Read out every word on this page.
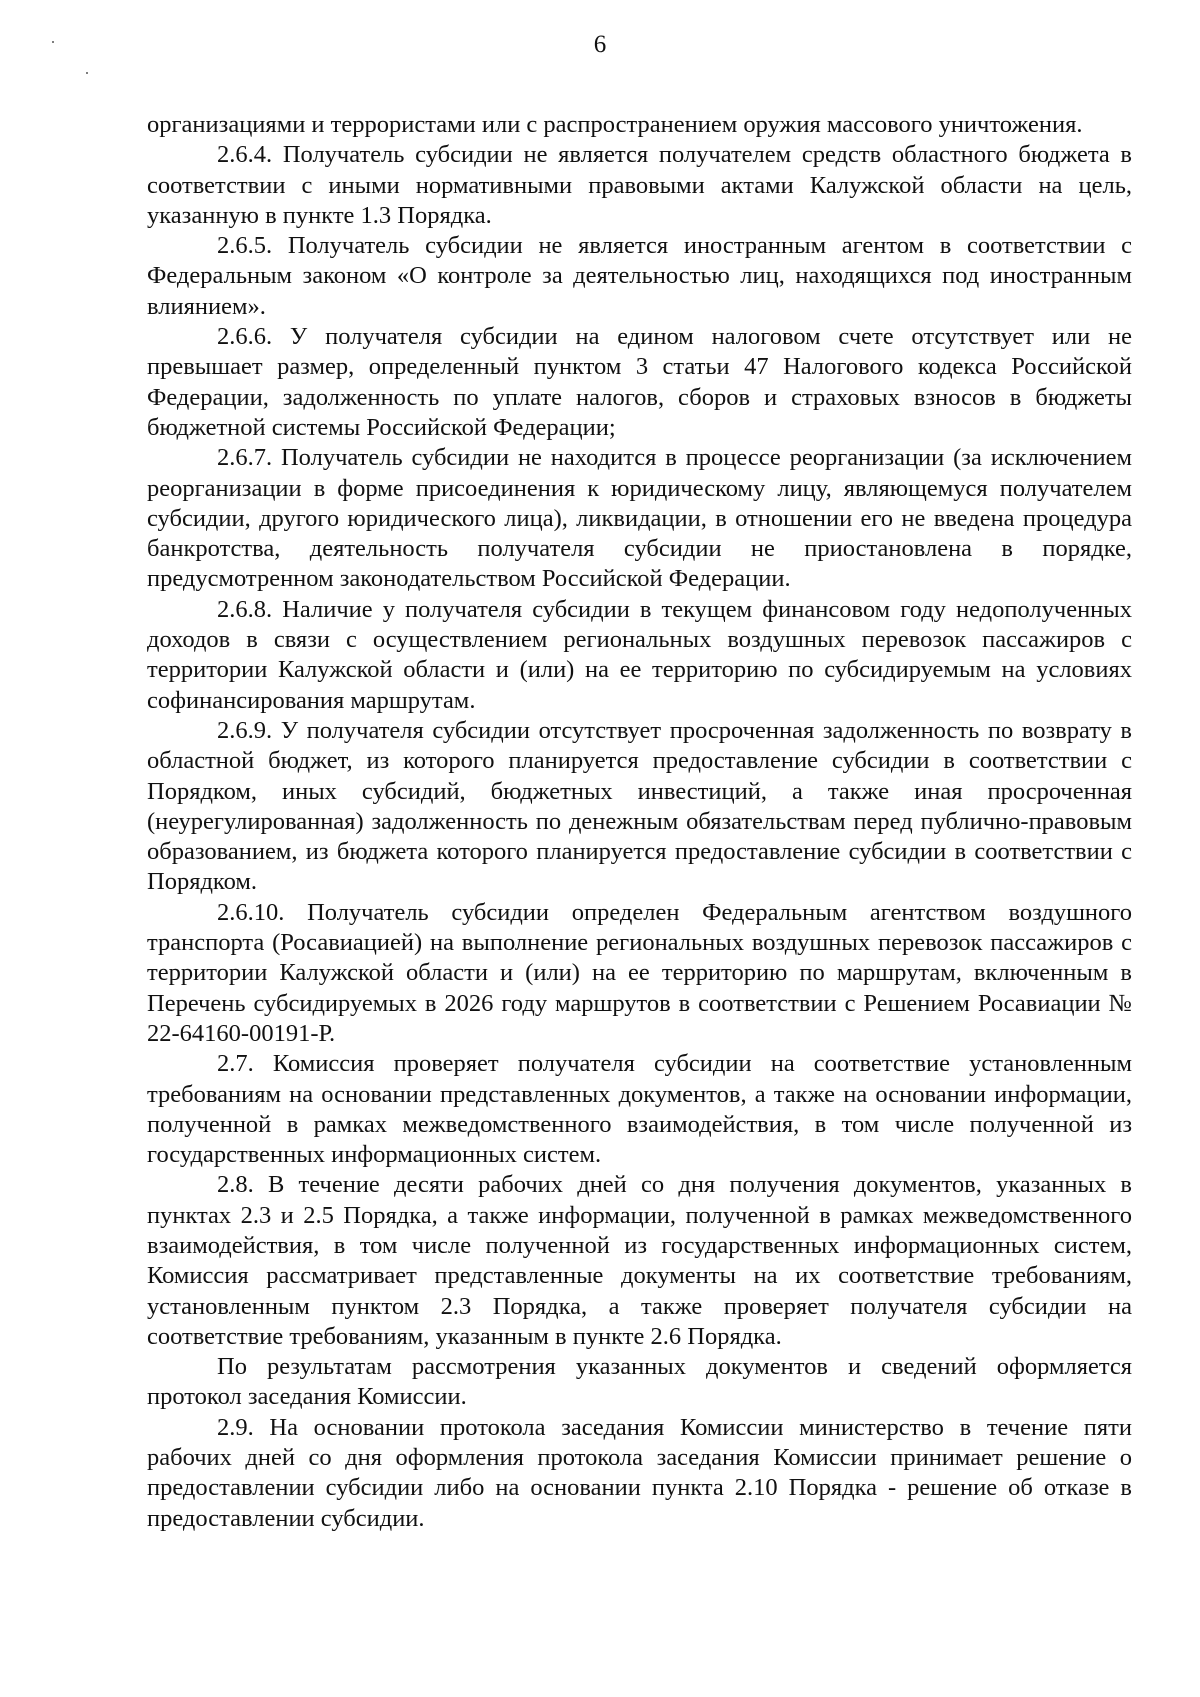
6

организациями и террористами или с распространением оружия массового уничтожения.

2.6.4. Получатель субсидии не является получателем средств областного бюджета в соответствии с иными нормативными правовыми актами Калужской области на цель, указанную в пункте 1.3 Порядка.

2.6.5. Получатель субсидии не является иностранным агентом в соответствии с Федеральным законом «О контроле за деятельностью лиц, находящихся под иностранным влиянием».

2.6.6. У получателя субсидии на едином налоговом счете отсутствует или не превышает размер, определенный пунктом 3 статьи 47 Налогового кодекса Российской Федерации, задолженность по уплате налогов, сборов и страховых взносов в бюджеты бюджетной системы Российской Федерации;

2.6.7. Получатель субсидии не находится в процессе реорганизации (за исключением реорганизации в форме присоединения к юридическому лицу, являющемуся получателем субсидии, другого юридического лица), ликвидации, в отношении его не введена процедура банкротства, деятельность получателя субсидии не приостановлена в порядке, предусмотренном законодательством Российской Федерации.

2.6.8. Наличие у получателя субсидии в текущем финансовом году недополученных доходов в связи с осуществлением региональных воздушных перевозок пассажиров с территории Калужской области и (или) на ее территорию по субсидируемым на условиях софинансирования маршрутам.

2.6.9. У получателя субсидии отсутствует просроченная задолженность по возврату в областной бюджет, из которого планируется предоставление субсидии в соответствии с Порядком, иных субсидий, бюджетных инвестиций, а также иная просроченная (неурегулированная) задолженность по денежным обязательствам перед публично-правовым образованием, из бюджета которого планируется предоставление субсидии в соответствии с Порядком.

2.6.10. Получатель субсидии определен Федеральным агентством воздушного транспорта (Росавиацией) на выполнение региональных воздушных перевозок пассажиров с территории Калужской области и (или) на ее территорию по маршрутам, включенным в Перечень субсидируемых в 2026 году маршрутов в соответствии с Решением Росавиации № 22-64160-00191-Р.

2.7. Комиссия проверяет получателя субсидии на соответствие установленным требованиям на основании представленных документов, а также на основании информации, полученной в рамках межведомственного взаимодействия, в том числе полученной из государственных информационных систем.

2.8. В течение десяти рабочих дней со дня получения документов, указанных в пунктах 2.3 и 2.5 Порядка, а также информации, полученной в рамках межведомственного взаимодействия, в том числе полученной из государственных информационных систем, Комиссия рассматривает представленные документы на их соответствие требованиям, установленным пунктом 2.3 Порядка, а также проверяет получателя субсидии на соответствие требованиям, указанным в пункте 2.6 Порядка.

По результатам рассмотрения указанных документов и сведений оформляется протокол заседания Комиссии.

2.9. На основании протокола заседания Комиссии министерство в течение пяти рабочих дней со дня оформления протокола заседания Комиссии принимает решение о предоставлении субсидии либо на основании пункта 2.10 Порядка - решение об отказе в предоставлении субсидии.
